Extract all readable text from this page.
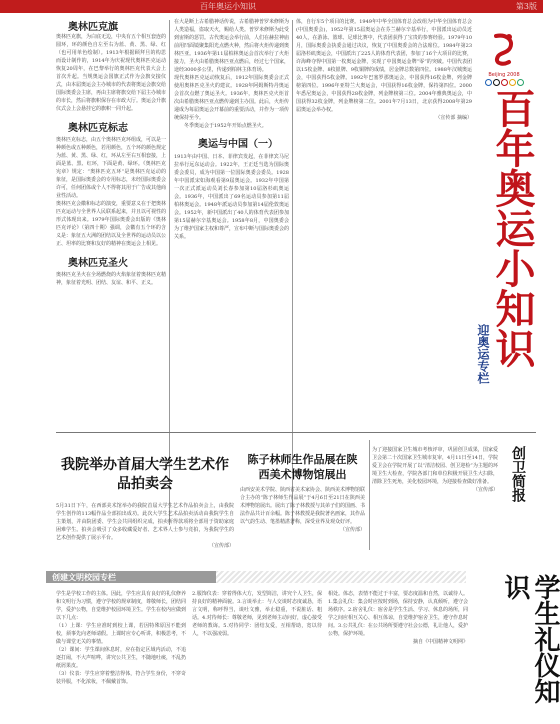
百年奥运小知识	第3版
奥林匹克旗
奥林匹克旗，为白底无边，中央有五个相互套连的圆环，环的颜色自左至右为蓝、黄、黑、绿、红（也可用单色绘制）。1913年根据顾拜旦的构思而设计制作的，1914年为庆祝现代奥林匹克运动恢复20周年，在巴黎举行的奥林匹克代表大会上首次升起。当规奥运会国旗正式作为会旗交接仪式，由本届奥运会主办城市的代表将奥运会旗交给国际奥委会主席，再由主席将旗交给下届主办城市的市长，然后将旗帜保存在市政大厅。奥运会升旗仪式会上会悬挂它的旗帜一同升起。
奥林匹克标志
奥林匹克标志，由五个奥林匹克环组成，可以是一种颜色或五种颜色，若用颜色，五个环的颜色规定为蓝、黄、黑、绿、红，环从左至右互相套接，上面是蓝、黑、红环，下面是黄、绿环。《奥林匹克宪章》规定：“奥林匹克五环”是奥林匹克运动的象征，是国际奥委会的专用标志，未经国际奥委会许可，任何团体或个人不得将其用于广告或其他商业性活动。
奥林匹克会徽和标志的演变，重要意义在于把奥林匹克运动与全世界人民联系起来，并且以可视性的形式体现出来。1979年国际奥委会出版的《奥林匹克评论》（第四十期）强调，会徽有五个环的含义是：象征五大洲的团结以及全世界的运动员以公正、坦率的比赛和友好的精神在奥运会上相见。
奥林匹克圣火
奥林匹克圣火在全场燃烧的火焰象征着奥林匹克精神，象征着光明、团结、友谊、和平、正义。
在大是断上古希腊神话传说，古希腊神普罗米修斯为人类造福，盗取天火，赐给人类。普罗米修斯为此受到宙斯的惩罚。古代奥运会举行前，人们在赫拉神庙前用凹面镜聚集阳光点燃火种，然后将火炬传递到奥林匹亚。1936年第11届柏林奥运会首次举行了火炬接力，圣火由希腊奥林匹亚点燃后，经过七个国家，途经3000多公里，传递到柏林主体育场。
现代奥林匹克运动恢复后，1912年国际奥委会正式使用奥林匹克圣火的建议。1928年阿姆斯特丹奥运会首次点燃了奥运圣火。1936年，奥林匹克火炬首次由希腊奥林匹亚点燃传递到主办国。此后，火炬传递成为每届奥运会开幕前的重要活动，并作为一项传统保持至今。
冬季奥运会于1952年开始点燃圣火。
奥运与中国（一）
1913年由中国、日本、菲律宾发起，在菲律宾马尼拉举行远东运动会。1922年，王正廷当选为国际奥委会委员，成为中国第一位国际奥委会委员。1928年中国派宋如海观看第9届奥运会。1932年中国第一次正式派运动员刘长春参加第10届洛杉矶奥运会。1936年，中国派出了69名运动员参加第11届柏林奥运会。1948年派运动员参加第14届伦敦奥运会。1952年，新中国派出了40人的体育代表团参加第15届赫尔辛基奥运会。1958年8月，中国奥委会为了维护国家主权和尊严，宣布中断与国际奥委会的关系。
体，自行车5个项目的比赛。1949年中华全国体育总会改组为中华全国体育总会(中国奥委会)，1952年第15届奥运会在芬兰赫尔辛基举行，中国派出运动员近40人，在游泳、篮球、足球比赛中，代表团获得了宝贵的参赛经验。1979年10月，国际奥委会执委会通过决议，恢复了中国奥委会的合法席位。1984年第23届洛杉矶奥运会，中国派出了225人的体育代表团，参加了16个大项目的比赛，许海峰夺得中国第一枚奥运金牌，实现了中国奥运金牌“零”的突破。中国代表团以15枚金牌、8枚银牌、9枚铜牌的成绩，居金牌总数第四位。1988年汉城奥运会，中国获得5枚金牌。1992年巴塞罗那奥运会，中国获得16枚金牌，列金牌榜第四位。1996年亚特兰大奥运会，中国获得16枚金牌，保持第四位。2000年悉尼奥运会，中国获得28枚金牌，列金牌榜第三位。2004年雅典奥运会，中国获得32枚金牌，列金牌榜第二位。2001年7月13日，北京获得2008年第29届奥运会举办权。
（宣传部 摘编）
Beijing 2008
百年奥运小知识
迎奥运专栏
我院举办首届大学生艺术作品拍卖会
5月31日下午，在西部美术馆举办的我院首届大学生艺术作品拍卖会上，由我院学生创作的113幅作品全部拍出成功。此次大学生艺术品拍卖活动由我院学生自主策划，并由院团委、学生会共同组织完成，拍卖所得款项将全部用于资助家庭困难学生。拍卖会吸引了众多收藏爱好者、艺术界人士参与竞拍，为我院学生的艺术创作提供了展示平台。
（宣传部）
陈子林师生作品展在陕西美术博物馆展出
由西安美术学院、陕西省美术家协会、陕西美术博物馆联合主办的“陈子林师生作品展”于4月6日至21日在陕西美术博物馆展出。展出了陈子林教授与其弟子们的国画、书法作品共计百余幅。陈子林教授是我院著名画家，其作品以气韵生动、笔墨精湛著称，深受业界及观众好评。
（宣传部）
为了迎接国家卫生城市考核评审，巩固创卫成果，国家爱卫会第二十次国家卫生城市复审，4月11日至14日，学院爱卫会在学院开展了以“清洁校园、创卫迎检”为主题的环境卫生大检查，学院各部门和单位积极开展卫生大扫除，清除卫生死角，美化校园环境，为迎接检查做好准备。
（宣传部） 创卫简报
创建文明校园专栏
学生是学校工作的主体。因此，学生应具有良好的礼仪修养和文明行为习惯，遵守学校的规章制度，尊敬师长，团结同学，爱护公物，自觉维护校园环境卫生。学生在校内应做到以下几点：
（1）上课：学生应准时到校上课，若因特殊原因不能到校，须事先向老师请假。上课时应专心听讲，积极思考，不做与课堂无关的事情。
（2）课间：学生课间休息时，应在指定区域内活动，不追逐打闹，不大声喧哗，讲究公共卫生，不随地吐痰，不乱扔纸屑果皮。
（3）仪表：学生应穿着整洁得体，符合学生身份，不穿奇装异服，不化浓妆，不佩戴首饰。
2.服饰仪表：穿着得体大方，发型简洁，讲究个人卫生，保持良好的精神面貌。3.言谈举止：与人交谈时态度诚恳，语言文明，称呼得当，谈吐文雅，举止稳重，不说脏话、粗话。4.对待师长：尊敬老师，见到老师主动问好，虚心接受老师的教诲。5.对待同学：团结友爱，互相帮助，宽以待人，不以强凌弱。
相处。体态，表情不能过于丰富，要态度温和自然，以诚待人。1.集会礼仪：集会时应按时到场，保持安静，认真倾听，遵守会场秩序。2.宿舍礼仪：宿舍是学生生活、学习、休息的场所，同学之间应相互关心、相互体谅，自觉维护宿舍卫生，遵守作息时间。3.公共礼仪：在公共场所要遵守社会公德，礼让他人，爱护公物，保护环境。
摘自《中国精神文明网》	学生礼仪知识
